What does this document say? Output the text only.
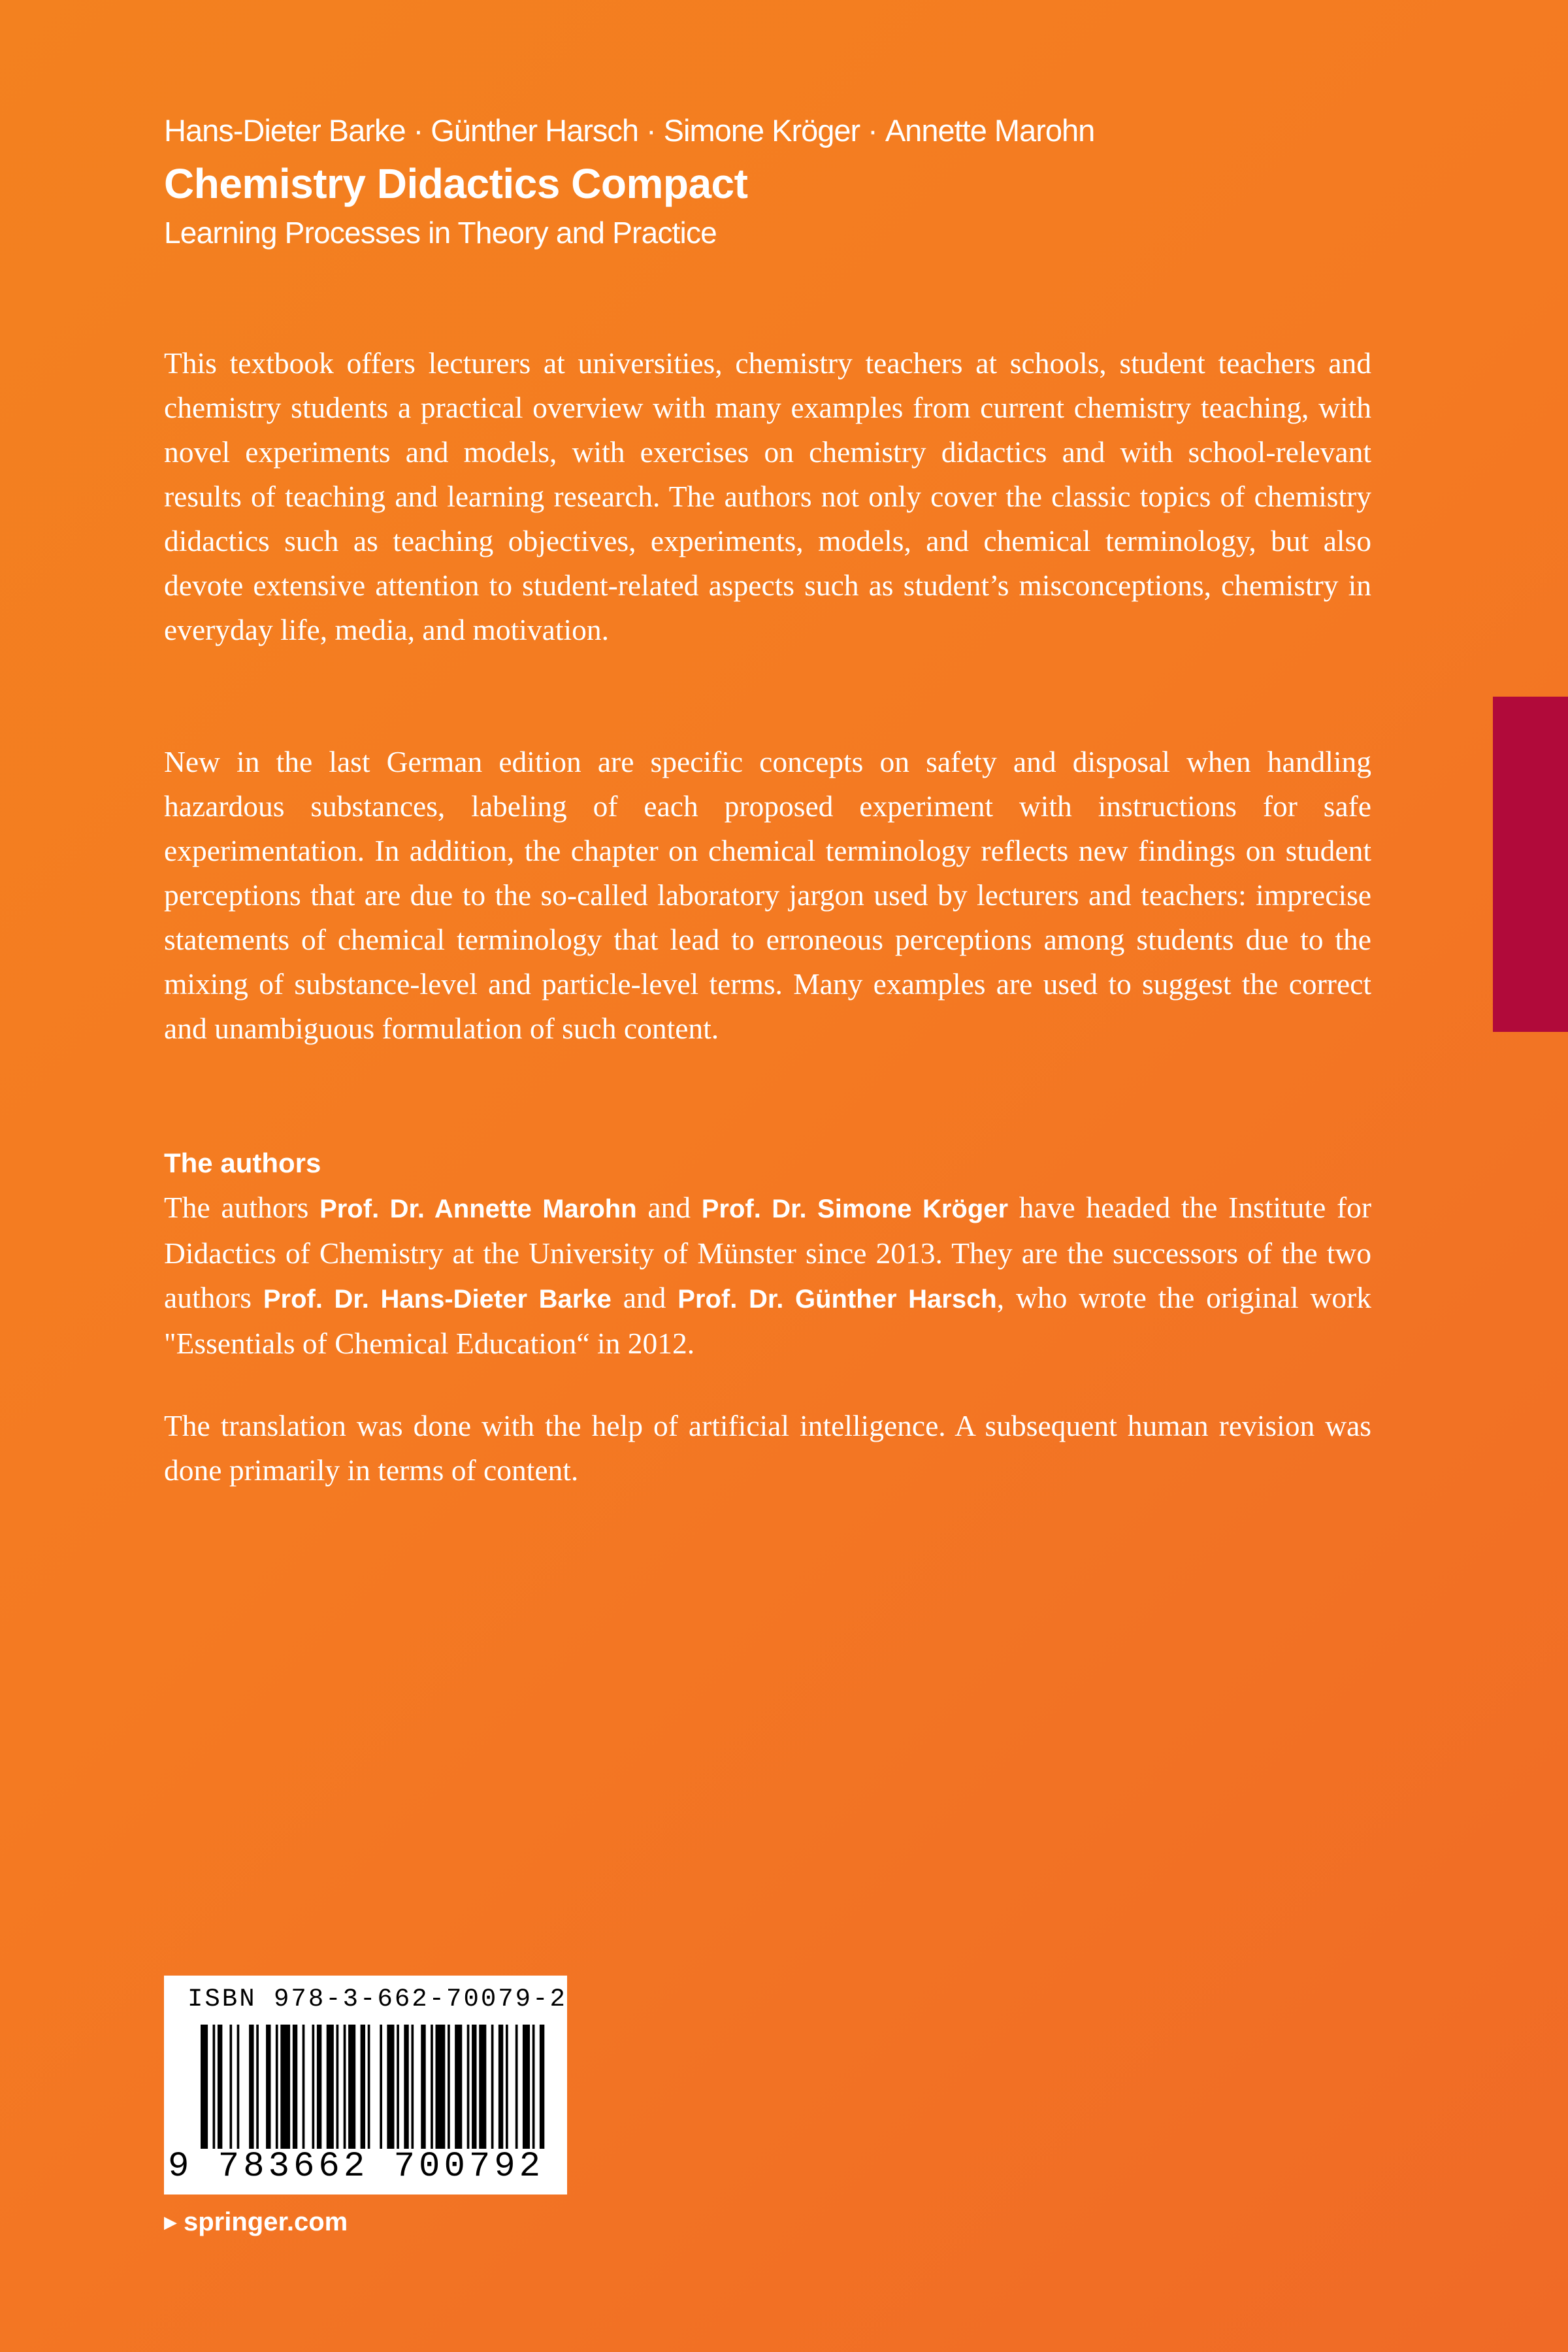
Hans-Dieter Barke · Günther Harsch · Simone Kröger · Annette Marohn
Chemistry Didactics Compact
Learning Processes in Theory and Practice

This textbook offers lecturers at universities, chemistry teachers at schools, student teachers and chemistry students a practical overview with many examples from current chemistry teaching, with novel experiments and models, with exercises on chemistry didactics and with school-relevant results of teaching and learning research. The authors not only cover the classic topics of chemistry didactics such as teaching objectives, experiments, models, and chemical terminology, but also devote extensive attention to student-related aspects such as student’s misconceptions, chemistry in everyday life, media, and motivation.

New in the last German edition are specific concepts on safety and disposal when handling hazardous substances, labeling of each proposed experiment with instructions for safe experimentation. In addition, the chapter on chemical terminology reflects new findings on student perceptions that are due to the so-called laboratory jargon used by lecturers and teachers: imprecise statements of chemical terminology that lead to erroneous perceptions among students due to the mixing of substance-level and particle-level terms. Many examples are used to suggest the correct and unambiguous formulation of such content.

The authors

The authors Prof. Dr. Annette Marohn and Prof. Dr. Simone Kröger have headed the Institute for Didactics of Chemistry at the University of Münster since 2013. They are the successors of the two authors Prof. Dr. Hans-Dieter Barke and Prof. Dr. Günther Harsch, who wrote the original work "Essentials of Chemical Education“ in 2012.

The translation was done with the help of artificial intelligence. A subsequent human revision was done primarily in terms of content.

ISBN 978-3-662-70079-2
9 783662 700792
▶ springer.com
